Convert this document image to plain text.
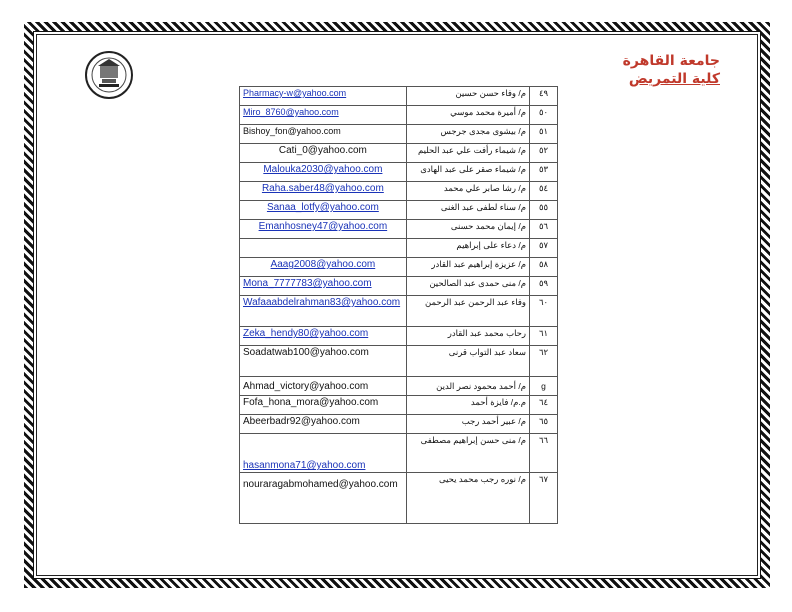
جامعة القاهرة
كلية التمريض
Pharmacy-w@yahoo.com	م/ وفاء حسن حسين	٤٩
Miro_8760@yahoo.com	م/ أميرة محمد موسي	٥٠
Bishoy_fon@yahoo.com	م/ بيشوى مجدى جرجس	٥١
Cati_0@yahoo.com	م/ شيماء رأفت علي عبد الحليم	٥٢
Malouka2030@yahoo.com	م/ شيماء صقر على عبد الهادى	٥٣
Raha.saber48@yahoo.com	م/ رشا صابر علي محمد	٥٤
Sanaa_lotfy@yahoo.com	م/ سناء لطفى عبد الغنى	٥٥
Emanhosney47@yahoo.com	م/ إيمان محمد حسنى	٥٦
	م/ دعاء على إبراهيم	٥٧
Aaag2008@yahoo.com	م/ عزيزة إبراهيم عبد القادر	٥٨
Mona_7777783@yahoo.com	م/ منى حمدى عبد الصالحين	٥٩
Wafaaabdelrahman83@yahoo.com	وفاء عبد الرحمن عبد الرحمن	٦٠
Zeka_hendy80@yahoo.com	رحاب محمد عبد القادر	٦١
Soadatwab100@yahoo.com	سعاد عبد التواب قرنى	٦٢
Ahmad_victory@yahoo.com	م/ أحمد محمود نصر الدين	g
Fofa_hona_mora@yahoo.com	م.م/ فايزة أحمد	٦٤
Abeerbadr92@yahoo.com	م/ عبير أحمد رجب	٦٥
hasanmona71@yahoo.com	م/ منى حسن إبراهيم مصطفى	٦٦
nouraragabmohamed@yahoo.com	م/ نوره رجب محمد يحيى	٦٧
